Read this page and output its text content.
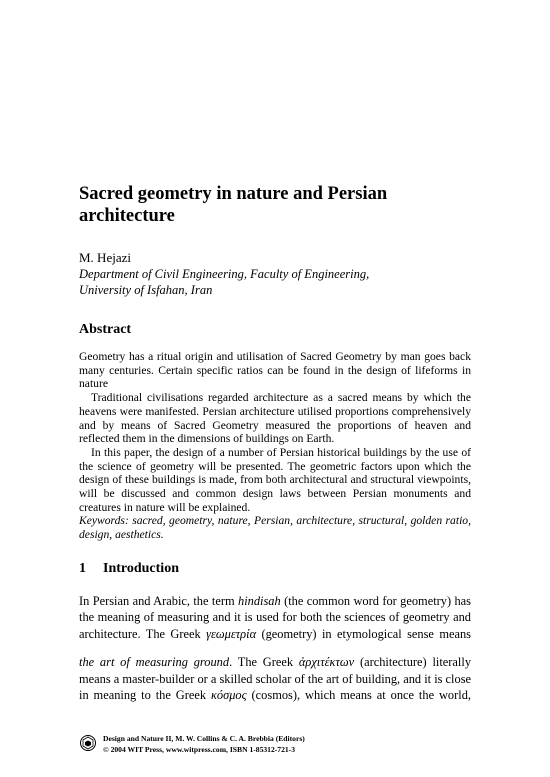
Sacred geometry in nature and Persian architecture
M. Hejazi
Department of Civil Engineering, Faculty of Engineering,
University of Isfahan, Iran
Abstract

Geometry has a ritual origin and utilisation of Sacred Geometry by man goes back many centuries. Certain specific ratios can be found in the design of lifeforms in nature

Traditional civilisations regarded architecture as a sacred means by which the heavens were manifested. Persian architecture utilised proportions comprehensively and by means of Sacred Geometry measured the proportions of heaven and reflected them in the dimensions of buildings on Earth.

In this paper, the design of a number of Persian historical buildings by the use of the science of geometry will be presented. The geometric factors upon which the design of these buildings is made, from both architectural and structural viewpoints, will be discussed and common design laws between Persian monuments and creatures in nature will be explained.

Keywords: sacred, geometry, nature, Persian, architecture, structural, golden ratio, design, aesthetics.

1 Introduction
In Persian and Arabic, the term hindisah (the common word for geometry) has
the meaning of measuring and it is used for both the sciences of geometry and
architecture. The Greek γεωμετρία (geometry) in etymological sense means
the art of measuring ground. The Greek ἀρχιτέκτων (architecture) literally
means a master-builder or a skilled scholar of the art of building, and it is close
in meaning to the Greek κόσμος (cosmos), which means at once the world,
Design and Nature II, M. W. Collins & C. A. Brebbia (Editors)
© 2004 WIT Press, www.witpress.com, ISBN 1-85312-721-3
